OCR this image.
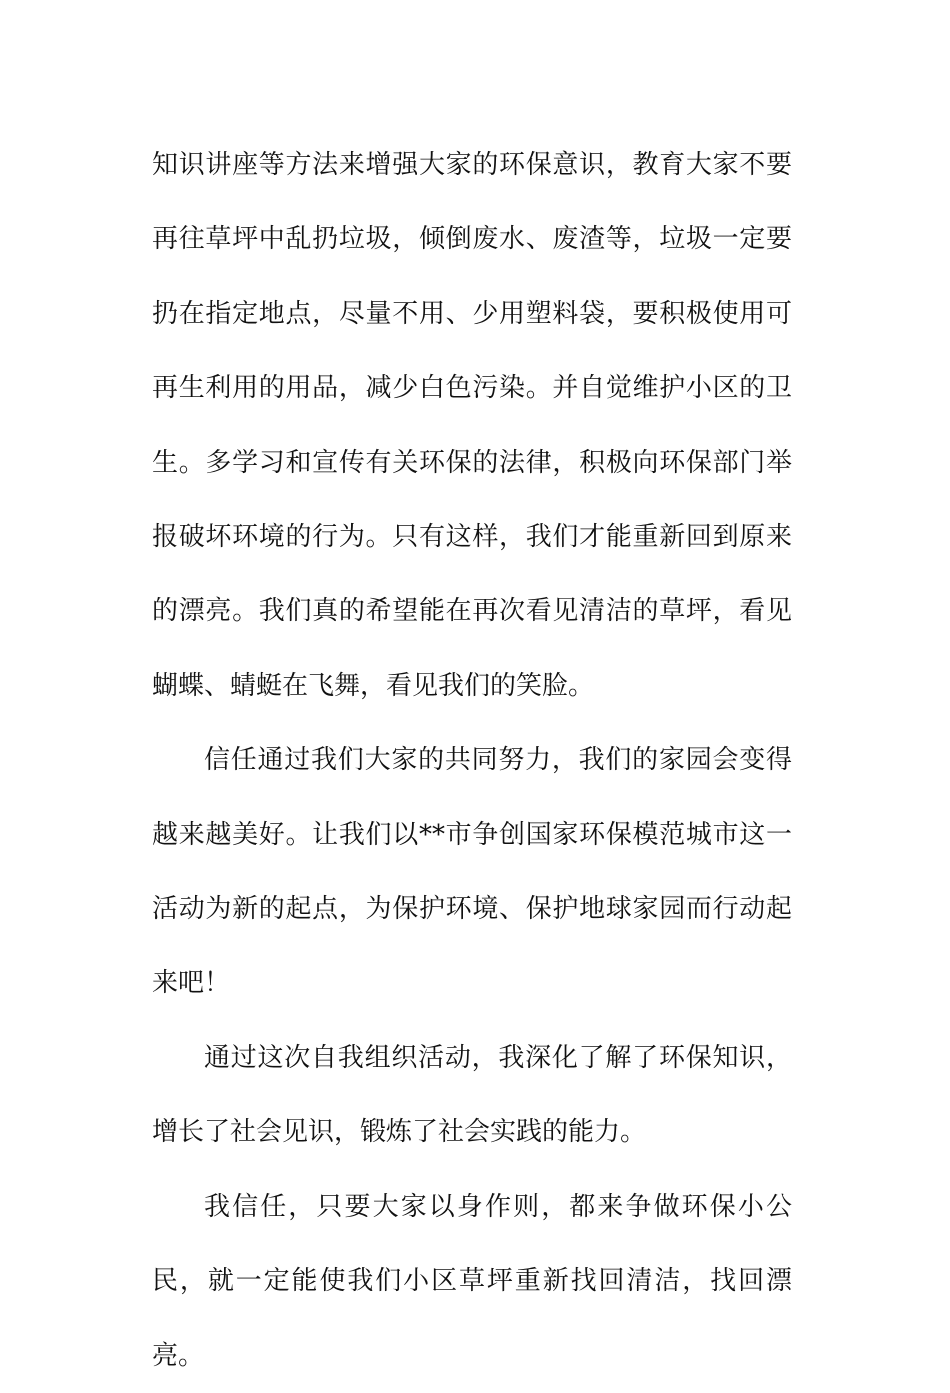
知识讲座等方法来增强大家的环保意识，教育大家不要再往草坪中乱扔垃圾，倾倒废水、废渣等，垃圾一定要扔在指定地点，尽量不用、少用塑料袋，要积极使用可再生利用的用品，减少白色污染。并自觉维护小区的卫生。多学习和宣传有关环保的法律，积极向环保部门举报破坏环境的行为。只有这样，我们才能重新回到原来的漂亮。我们真的希望能在再次看见清洁的草坪，看见蝴蝶、蜻蜓在飞舞，看见我们的笑脸。

信任通过我们大家的共同努力，我们的家园会变得越来越美好。让我们以**市争创国家环保模范城市这一活动为新的起点，为保护环境、保护地球家园而行动起来吧！

通过这次自我组织活动，我深化了解了环保知识，增长了社会见识，锻炼了社会实践的能力。

我信任，只要大家以身作则，都来争做环保小公民，就一定能使我们小区草坪重新找回清洁，找回漂亮。
